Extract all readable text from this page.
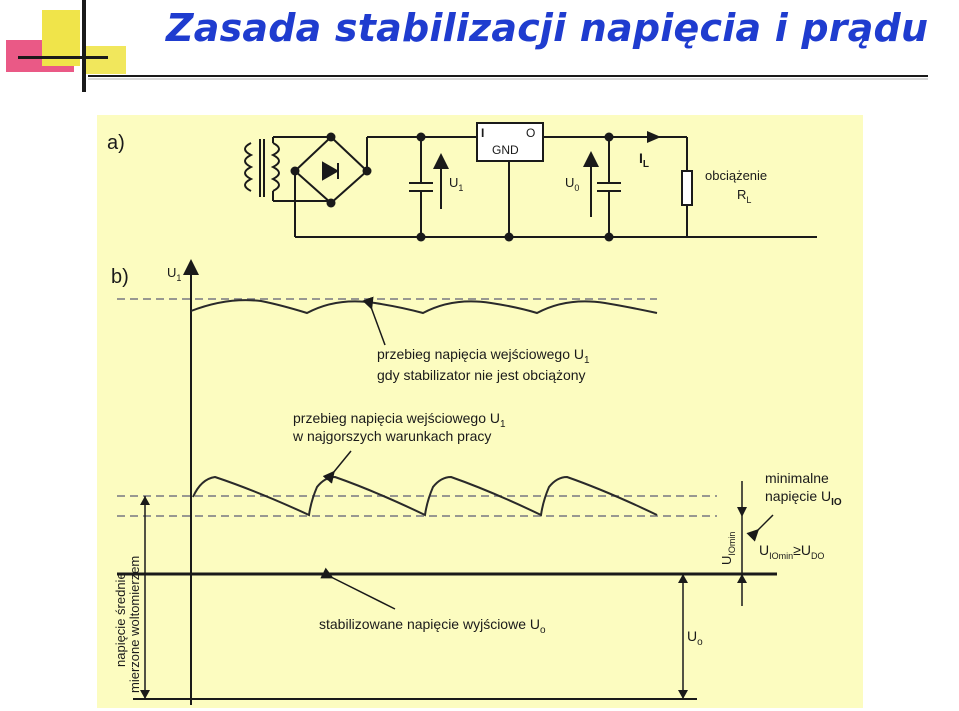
Zasada stabilizacji napięcia i prądu
a)
$U_1$
I	O
GND
$U_0$
$I_L$
obciążenie
$R_L$
b)	$U_1$
przebieg napięcia wejściowego $U_1$
gdy stabilizator nie jest obciążony
przebieg napięcia wejściowego $U_1$
w najgorszych warunkach pracy
stabilizowane napięcie wyjściowe $U_o$
$U_{IOmin}$
minimalne
napięcie $U_{IO}$
$U_{IOmin}\ge U_{DO}$
$U_o$
napięcie średnie mierzone woltomierzem
